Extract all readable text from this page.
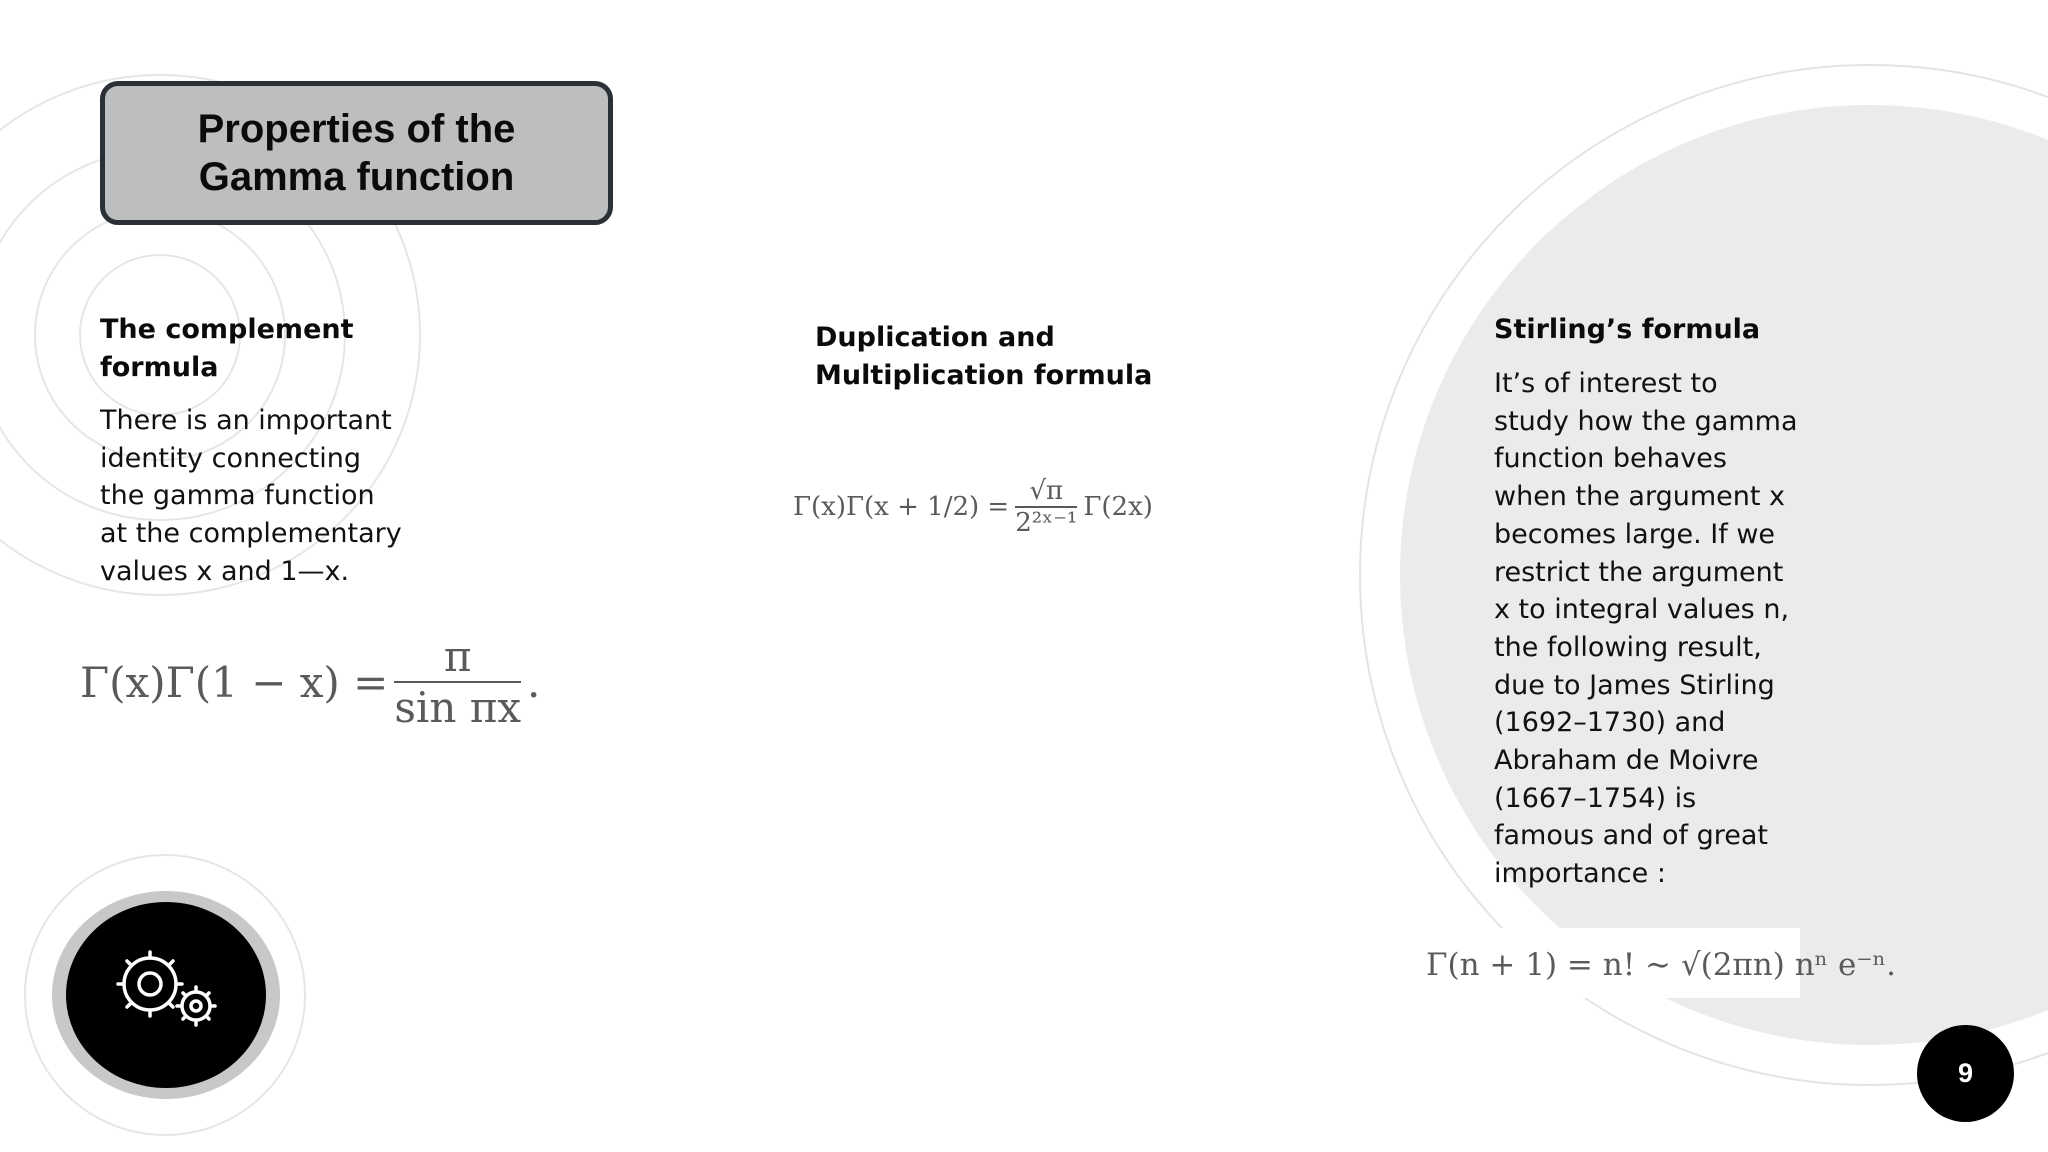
Properties of the
Gamma function
The complement
formula
There is an important
identity connecting
the gamma function
at the complementary
values x and 1—x.
$\Gamma(x)\Gamma(1 - x) = \frac{\pi}{\text{sin πx}}$ .
Duplication and
Multiplication formula
$\Gamma(x)\Gamma(x + 1/2) = \frac{√\pi}{\text{2²ˣ⁻¹}} \Gamma(2x)$
Stirling’s formula
It’s of interest to
study how the gamma
function behaves
when the argument x
becomes large. If we
restrict the argument
x to integral values n,
the following result,
due to James Stirling
(1692–1730) and
Abraham de Moivre
(1667–1754) is
famous and of great
importance :
Γ(n + 1) = n! ∼ √(2πn) nⁿ e⁻ⁿ.
9
